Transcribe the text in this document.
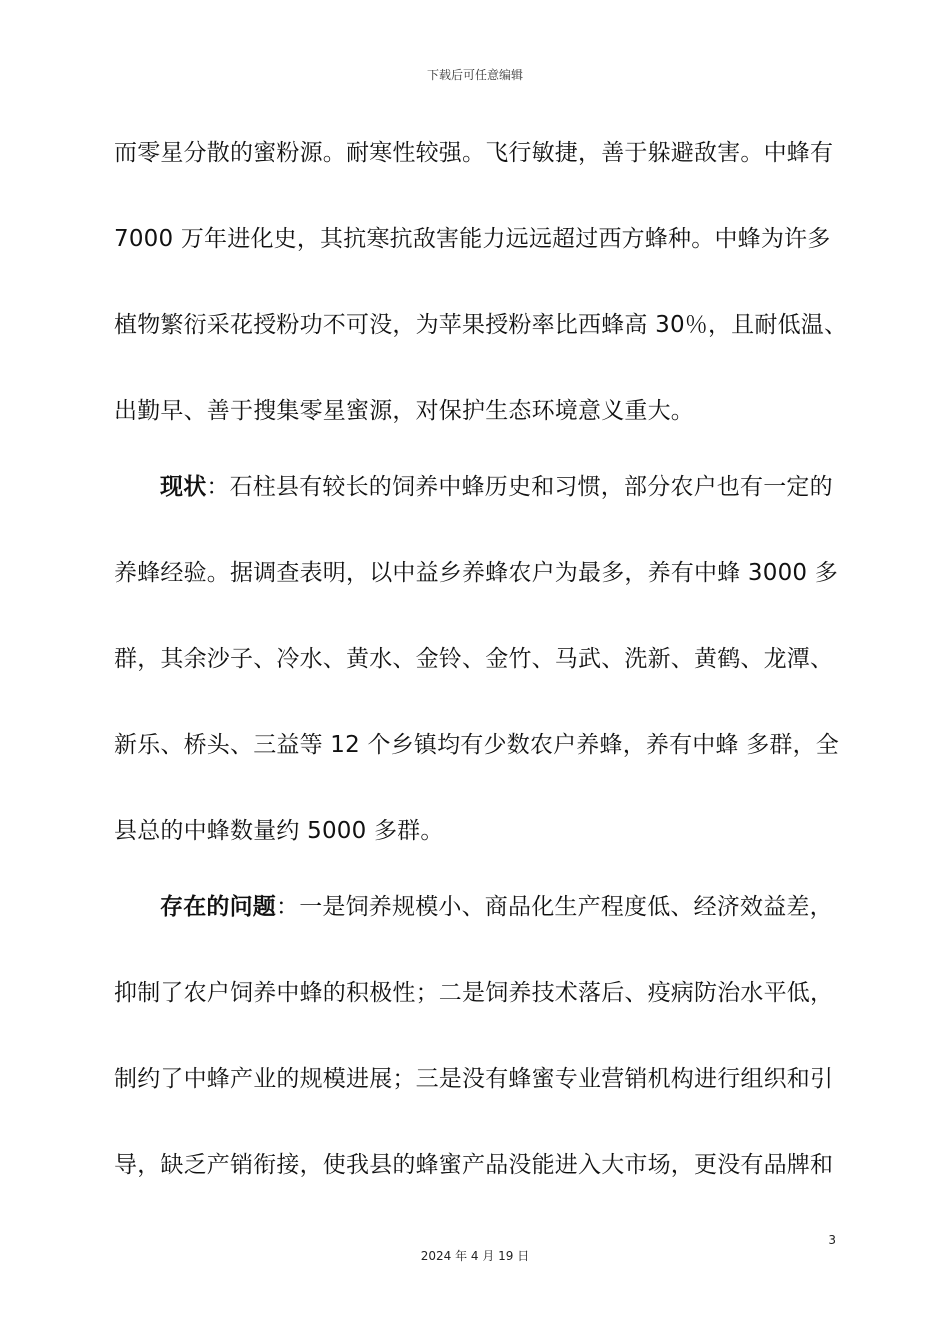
下载后可任意编辑
而零星分散的蜜粉源。耐寒性较强。飞行敏捷，善于躲避敌害。中蜂有
7000 万年进化史，其抗寒抗敌害能力远远超过西方蜂种。中蜂为许多
植物繁衍采花授粉功不可没，为苹果授粉率比西蜂高 30％，且耐低温、
出勤早、善于搜集零星蜜源，对保护生态环境意义重大。
现状：石柱县有较长的饲养中蜂历史和习惯，部分农户也有一定的
养蜂经验。据调查表明，以中益乡养蜂农户为最多，养有中蜂 3000 多
群，其余沙子、冷水、黄水、金铃、金竹、马武、洗新、黄鹤、龙潭、
新乐、桥头、三益等 12 个乡镇均有少数农户养蜂，养有中蜂 多群，全
县总的中蜂数量约 5000 多群。
存在的问题：一是饲养规模小、商品化生产程度低、经济效益差，
抑制了农户饲养中蜂的积极性；二是饲养技术落后、疫病防治水平低，
制约了中蜂产业的规模进展；三是没有蜂蜜专业营销机构进行组织和引
导，缺乏产销衔接，使我县的蜂蜜产品没能进入大市场，更没有品牌和
3
2024 年 4 月 19 日
